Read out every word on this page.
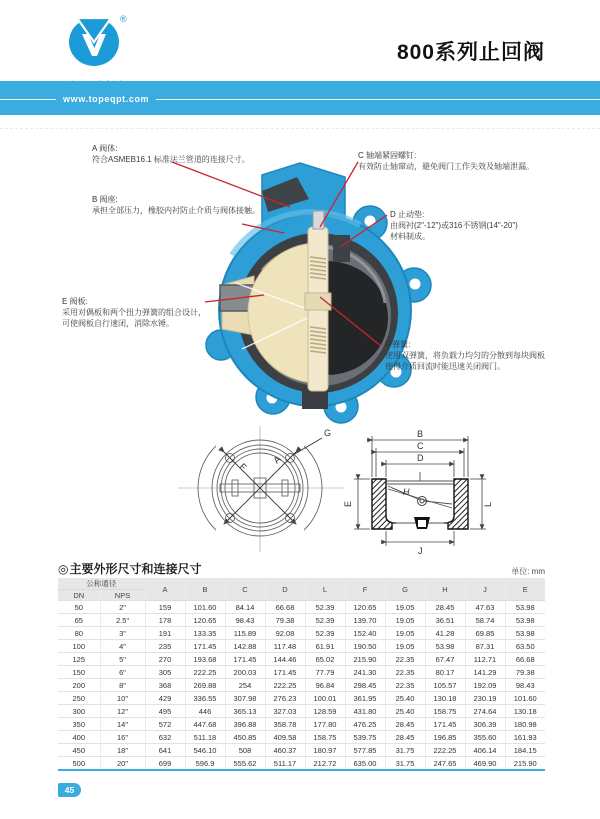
®
800系列止回阀
www.topeqpt.com
A 阀体:
符合ASMEB16.1 标准法兰管道的连接尺寸。
B 阀座:
承担全部压力，橡胶内衬防止介质与阀体接触。
C 轴端紧固螺钉:
有效防止轴窜动，避免阀门工作失效及轴端泄漏。
D 止动垫:
由阀衬(2"-12")或316不锈钢(14"-20")
材料制成。
E 阀板:
采用对偶板和两个扭力弹簧的组合设计，
可使阀板自行速闭，消除水锤。
F 弹簧:
使用双弹簧，将负载力均匀的分散到每块阀板
使得介质回流时能迅速关闭阀门。
F
A
G	B
C
D
E	L
H
J
◎主要外形尺寸和连接尺寸	单位: mm
公称通径		A	B	C	D	L	F	G	H	J	E
DN	NPS										
50	2"	159	101.60	84.14	66.68	52.39	120.65	19.05	28.45	47.63	53.98
65	2.5"	178	120.65	98.43	79.38	52.39	139.70	19.05	36.51	58.74	53.98
80	3"	191	133.35	115.89	92.08	52.39	152.40	19.05	41.28	69.85	53.98
100	4"	235	171.45	142.88	117.48	61.91	190.50	19.05	53.98	87.31	63.50
125	5"	270	193.68	171.45	144.46	65.02	215.90	22.35	67.47	112.71	66.68
150	6"	305	222.25	200.03	171.45	77.79	241.30	22.35	80.17	141.29	79.38
200	8"	368	269.88	254	222.25	96.84	298.45	22.35	105.57	192.09	98.43
250	10"	429	336.55	307.98	276.23	100.01	361.95	25.40	130.18	230.19	101.60
300	12"	495	446	365.13	327.03	128.59	431.80	25.40	158.75	274.64	130.18
350	14"	572	447.68	396.88	358.78	177.80	476.25	28.45	171.45	306.39	180.98
400	16"	632	511.18	450.85	409.58	158.75	539.75	28.45	196.85	355.60	161.93
450	18"	641	546.10	508	460.37	180.97	577.85	31.75	222.25	406.14	184.15
500	20"	699	596.9	555.62	511.17	212.72	635.00	31.75	247.65	469.90	215.90
45
